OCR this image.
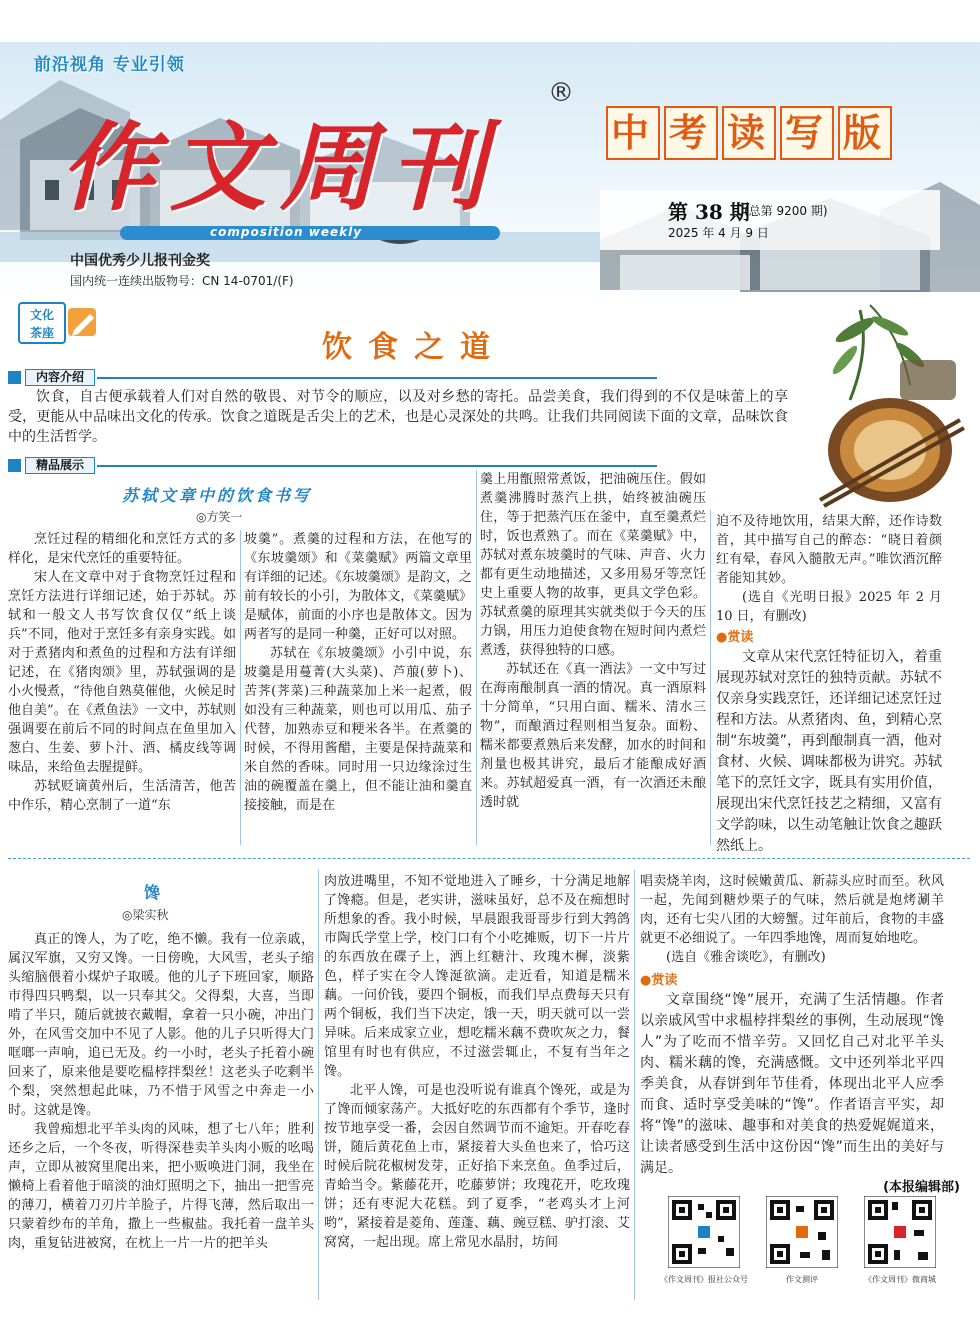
前沿视角 专业引领
作文周刊
®
composition weekly
中国优秀少儿报刊金奖
国内统一连续出版物号：CN 14-0701/(F)
中 考 读 写 版
第 38 期
(总第 9200 期)
2025 年 4 月 9 日
文化
茶座	饮食之道
内容介绍
饮食，自古便承载着人们对自然的敬畏、对节令的顺应，以及对乡愁的寄托。品尝美食，我们得到的不仅是味蕾上的享受，更能从中品味出文化的传承。饮食之道既是舌尖上的艺术，也是心灵深处的共鸣。让我们共同阅读下面的文章，品味饮食中的生活哲学。
精品展示
苏轼文章中的饮食书写
◎方笑一

烹饪过程的精细化和烹饪方式的多样化，是宋代烹饪的重要特征。

宋人在文章中对于食物烹饪过程和烹饪方法进行详细记述，始于苏轼。苏轼和一般文人书写饮食仅仅“纸上谈兵”不同，他对于烹饪多有亲身实践。如对于煮猪肉和煮鱼的过程和方法有详细记述，在《猪肉颂》里，苏轼强调的是小火慢煮，“待他自熟莫催他，火候足时他自美”。在《煮鱼法》一文中，苏轼则强调要在前后不同的时间点在鱼里加入葱白、生姜、萝卜汁、酒、橘皮线等调味品，来给鱼去腥提鲜。

苏轼贬谪黄州后，生活清苦，他苦中作乐，精心烹制了一道“东

坡羹”。煮羹的过程和方法，在他写的《东坡羹颂》和《菜羹赋》两篇文章里有详细的记述。《东坡羹颂》是韵文，之前有较长的小引，为散体文，《菜羹赋》是赋体，前面的小序也是散体文。因为两者写的是同一种羹，正好可以对照。

苏轼在《东坡羹颂》小引中说，东坡羹是用蔓菁(大头菜)、芦菔(萝卜)、苦荠(荠菜)三种蔬菜加上米一起煮，假如没有三种蔬菜，则也可以用瓜、茄子代替，加熟赤豆和粳米各半。在煮羹的时候，不得用酱醋，主要是保持蔬菜和米自然的香味。同时用一只边缘涂过生油的碗覆盖在羹上，但不能让油和羹直接接触，而是在

羹上用甑照常煮饭，把油碗压住。假如煮羹沸腾时蒸汽上拱，始终被油碗压住，等于把蒸汽压在釜中，直至羹煮烂时，饭也煮熟了。而在《菜羹赋》中，苏轼对煮东坡羹时的气味、声音、火力都有更生动地描述，又多用易牙等烹饪史上重要人物的故事，更具文学色彩。苏轼煮羹的原理其实就类似于今天的压力锅，用压力迫使食物在短时间内煮烂煮透，获得独特的口感。

苏轼还在《真一酒法》一文中写过在海南酿制真一酒的情况。真一酒原料十分简单，“只用白面、糯米、清水三物”，而酿酒过程则相当复杂。面粉、糯米都要煮熟后来发酵，加水的时间和剂量也极其讲究，最后才能酿成好酒来。苏轼超爱真一酒，有一次酒还未酿透时就

迫不及待地饮用，结果大醉，还作诗数首，其中描写自己的醉态：“晓日着颜红有晕，春风入髓散无声。”唯饮酒沉醉者能知其妙。

(选自《光明日报》2025 年 2 月 10 日，有删改)

●赏读

文章从宋代烹饪特征切入，着重展现苏轼对烹饪的独特贡献。苏轼不仅亲身实践烹饪，还详细记述烹饪过程和方法。从煮猪肉、鱼，到精心烹制“东坡羹”，再到酿制真一酒，他对食材、火候、调味都极为讲究。苏轼笔下的烹饪文字，既具有实用价值，展现出宋代烹饪技艺之精细，又富有文学韵味，以生动笔触让饮食之趣跃然纸上。

馋
◎梁实秋

真正的馋人，为了吃，绝不懒。我有一位亲戚，属汉军旗，又穷又馋。一日傍晚，大风雪，老头子缩头缩脑偎着小煤炉子取暖。他的儿子下班回家，顺路市得四只鸭梨，以一只奉其父。父得梨，大喜，当即啃了半只，随后就披衣戴帽，拿着一只小碗，冲出门外，在风雪交加中不见了人影。他的儿子只听得大门哐啷一声响，追已无及。约一小时，老头子托着小碗回来了，原来他是要吃榅桲拌梨丝！这老头子吃剩半个梨，突然想起此味，乃不惜于风雪之中奔走一小时。这就是馋。

我曾痴想北平羊头肉的风味，想了七八年；胜利还乡之后，一个冬夜，听得深巷卖羊头肉小贩的吆喝声，立即从被窝里爬出来，把小贩唤进门洞，我坐在懒椅上看着他于暗淡的油灯照明之下，抽出一把雪亮的薄刀，横着刀刃片羊脸子，片得飞薄，然后取出一只蒙着纱布的羊角，撒上一些椒盐。我托着一盘羊头肉，重复钻进被窝，在枕上一片一片的把羊头

肉放进嘴里，不知不觉地进入了睡乡，十分满足地解了馋瘾。但是，老实讲，滋味虽好，总不及在痴想时所想象的香。我小时候，早晨跟我哥哥步行到大鹁鸽市陶氏学堂上学，校门口有个小吃摊贩，切下一片片的东西放在碟子上，洒上红糖汁、玫瑰木樨，淡紫色，样子实在令人馋涎欲滴。走近看，知道是糯米藕。一问价钱，要四个铜板，而我们早点费每天只有两个铜板，我们当下决定，饿一天，明天就可以一尝异味。后来成家立业，想吃糯米藕不费吹灰之力，餐馆里有时也有供应，不过滋尝辄止，不复有当年之馋。

北平人馋，可是也没听说有谁真个馋死，或是为了馋而倾家荡产。大抵好吃的东西都有个季节，逢时按节地享受一番，会因自然调节而不逾矩。开春吃春饼，随后黄花鱼上市，紧接着大头鱼也来了，恰巧这时候后院花椒树发芽，正好掐下来烹鱼。鱼季过后，青蛤当令。紫藤花开，吃藤萝饼；玫瑰花开，吃玫瑰饼；还有枣泥大花糕。到了夏季，“老鸡头才上河哟”，紧接着是菱角、莲蓬、藕、豌豆糕、驴打滚、艾窝窝，一起出现。席上常见水晶肘，坊间

唱卖烧羊肉，这时候嫩黄瓜、新蒜头应时而至。秋风一起，先闻到糖炒栗子的气味，然后就是炮烤涮羊肉，还有七尖八团的大螃蟹。过年前后，食物的丰盛就更不必细说了。一年四季地馋，周而复始地吃。

(选自《雅舍谈吃》，有删改)

●赏读

文章围绕“馋”展开，充满了生活情趣。作者以亲戚风雪中求榅桲拌梨丝的事例，生动展现“馋人”为了吃而不惜辛劳。又回忆自己对北平羊头肉、糯米藕的馋，充满感慨。文中还列举北平四季美食，从春饼到年节佳肴，体现出北平人应季而食、适时享受美味的“馋”。作者语言平实，却将“馋”的滋味、趣事和对美食的热爱娓娓道来，让读者感受到生活中这份因“馋”而生出的美好与满足。

(本报编辑部)
《作文周刊》报社公众号	作文测评	《作文周刊》微商城
